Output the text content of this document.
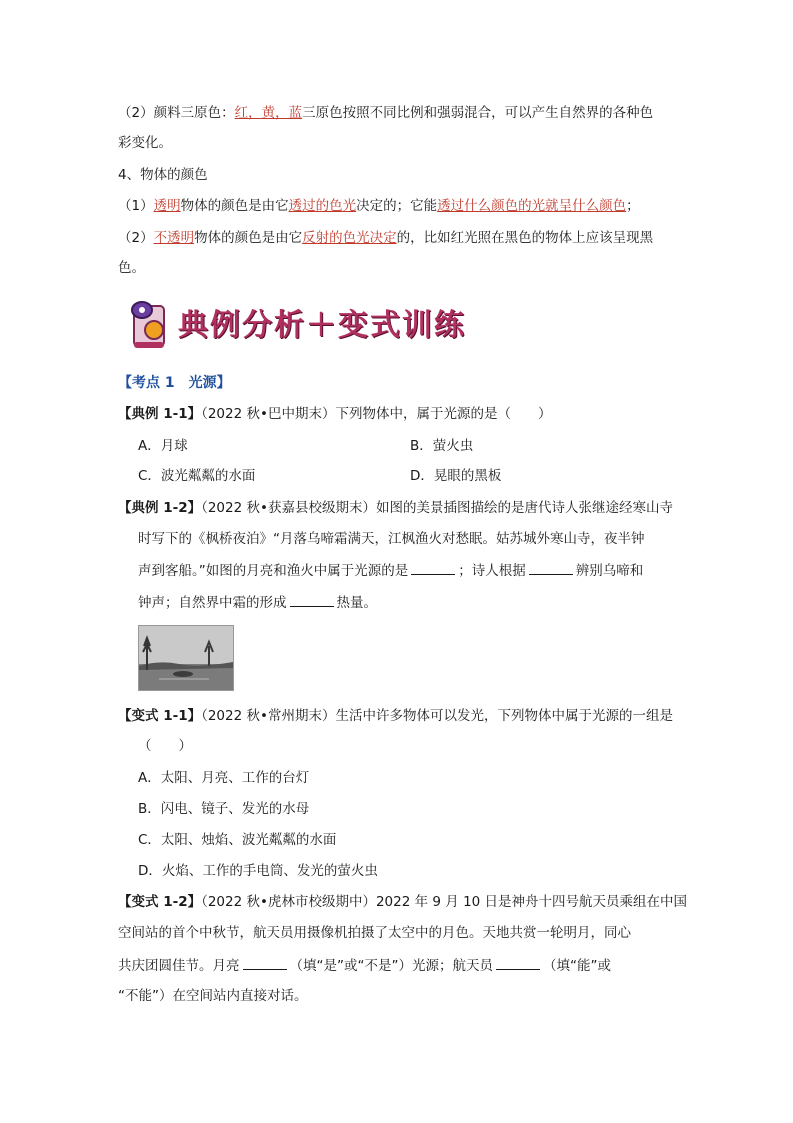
（2）颜料三原色：红，黄，蓝三原色按照不同比例和强弱混合，可以产生自然界的各种色
彩变化。
4、物体的颜色
（1）透明物体的颜色是由它透过的色光决定的；它能透过什么颜色的光就呈什么颜色；
（2）不透明物体的颜色是由它反射的色光决定的，比如红光照在黑色的物体上应该呈现黑
色。
典例分析＋变式训练
【考点 1　光源】
【典例 1-1】（2022 秋•巴中期末）下列物体中，属于光源的是（　　）
A．月球	B．萤火虫
C．波光粼粼的水面	D．晃眼的黑板
【典例 1-2】（2022 秋•获嘉县校级期末）如图的美景插图描绘的是唐代诗人张继途经寒山寺
时写下的《枫桥夜泊》“月落乌啼霜满天，江枫渔火对愁眠。姑苏城外寒山寺，夜半钟
声到客船。”如图的月亮和渔火中属于光源的是	；诗人根据	辨别乌啼和
钟声；自然界中霜的形成	热量。
【变式 1-1】（2022 秋•常州期末）生活中许多物体可以发光，下列物体中属于光源的一组是
（　　）
A．太阳、月亮、工作的台灯
B．闪电、镜子、发光的水母
C．太阳、烛焰、波光粼粼的水面
D．火焰、工作的手电筒、发光的萤火虫
【变式 1-2】（2022 秋•虎林市校级期中）2022 年 9 月 10 日是神舟十四号航天员乘组在中国
空间站的首个中秋节，航天员用摄像机拍摄了太空中的月色。天地共赏一轮明月，同心
共庆团圆佳节。月亮	（填“是”或“不是”）光源；航天员	（填“能”或
“不能”）在空间站内直接对话。
